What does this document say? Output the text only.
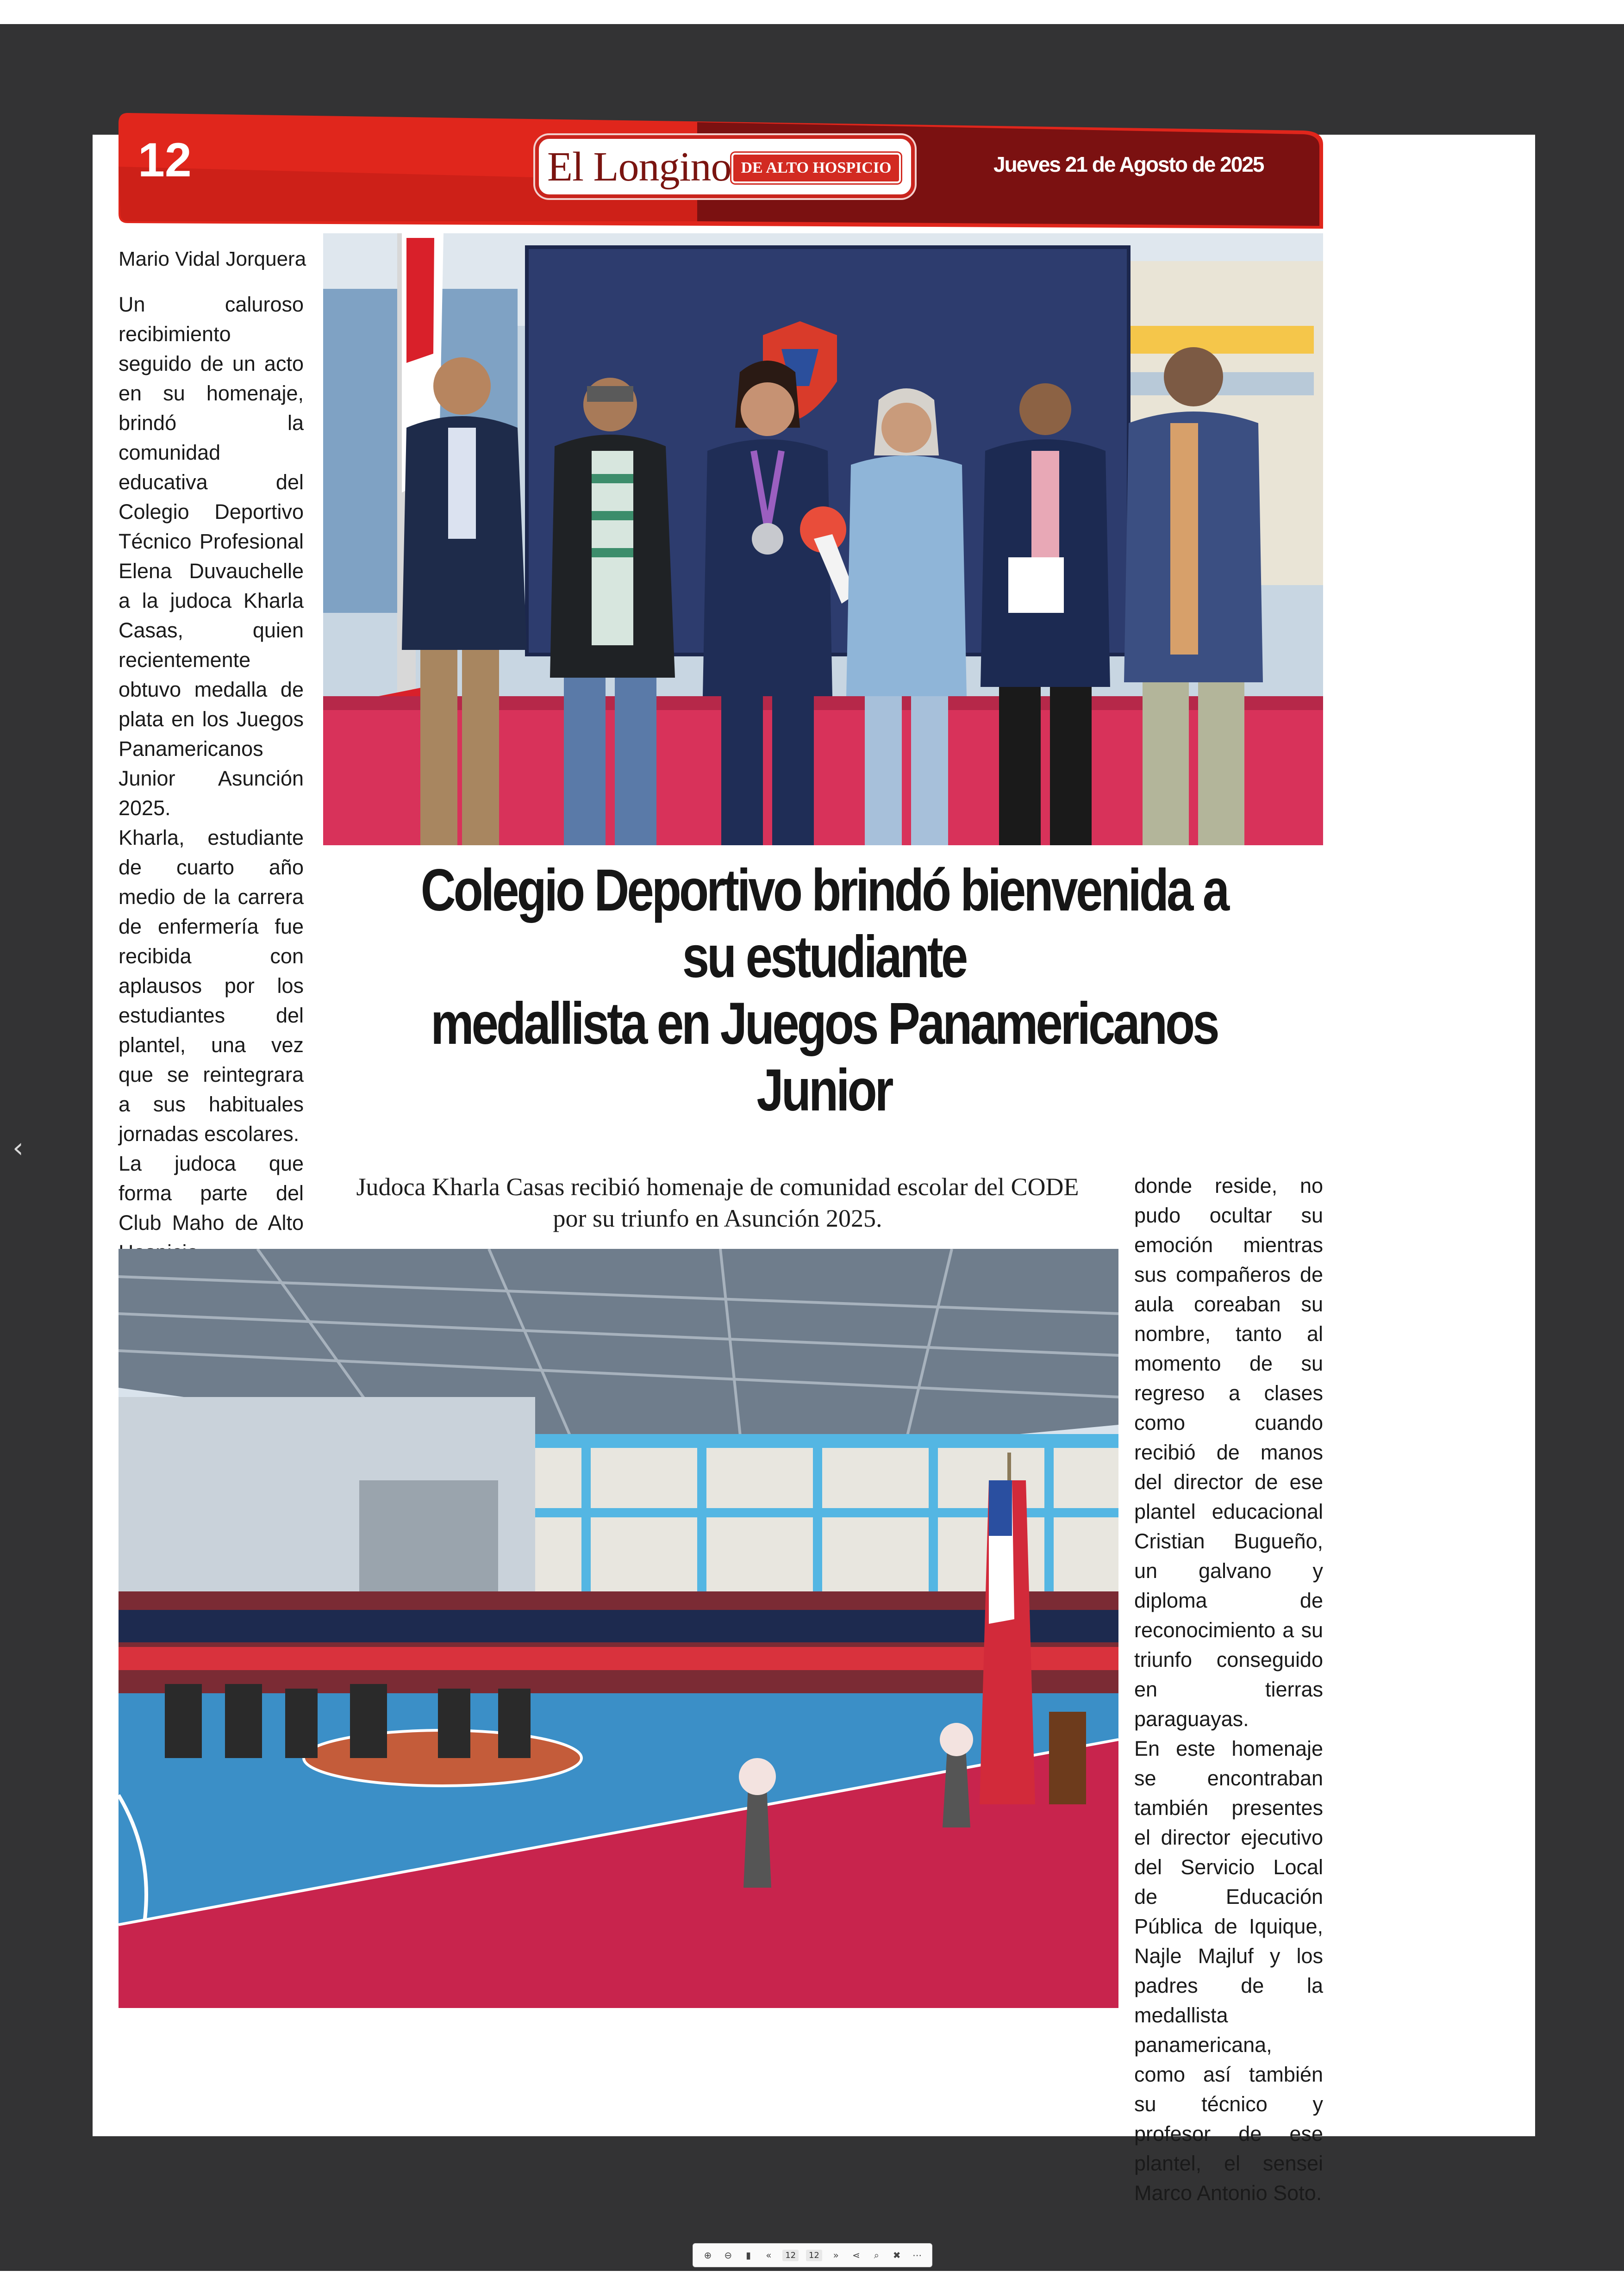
‹
12	El Longino DE ALTO HOSPICIO	Jueves 21 de Agosto de 2025
Mario Vidal Jorquera

Un caluroso recibimiento seguido de un acto en su homenaje, brindó la comunidad educativa del Colegio Deportivo Técnico Profesional Elena Duvauchelle a la judoca Kharla Casas, quien recientemente obtuvo medalla de plata en los Juegos Panamericanos Junior Asunción 2025.

Kharla, estudiante de cuarto año medio de la carrera de enfermería fue recibida con aplausos por los estudiantes del plantel, una vez que se reintegrara a sus habituales jornadas escolares.

La judoca que forma parte del Club Maho de Alto

Colegio Deportivo brindó bienvenida a su estudiante
medallista en Juegos Panamericanos Junior
Judoca Kharla Casas recibió homenaje de comunidad escolar del CODE
por su triunfo en Asunción 2025.

donde reside, no pudo ocultar su emoción mientras sus compañeros de aula coreaban su nombre, tanto al momento de su regreso a clases como cuando recibió de manos del director de ese plantel educacional Cristian Bugueño, un galvano y diploma de reconocimiento a su triunfo conseguido en tierras paraguayas.

En este homenaje se encontraban también presentes el director ejecutivo del Servicio Local de Educación Pública de Iquique, Najle Majluf y los padres de la medallista panamericana, como así también su técnico y profesor de ese plantel, el sensei Marco Antonio Soto.

⊕ ⊖	▮	«	12	12	»	⋖	⌕	✖ ⋯
